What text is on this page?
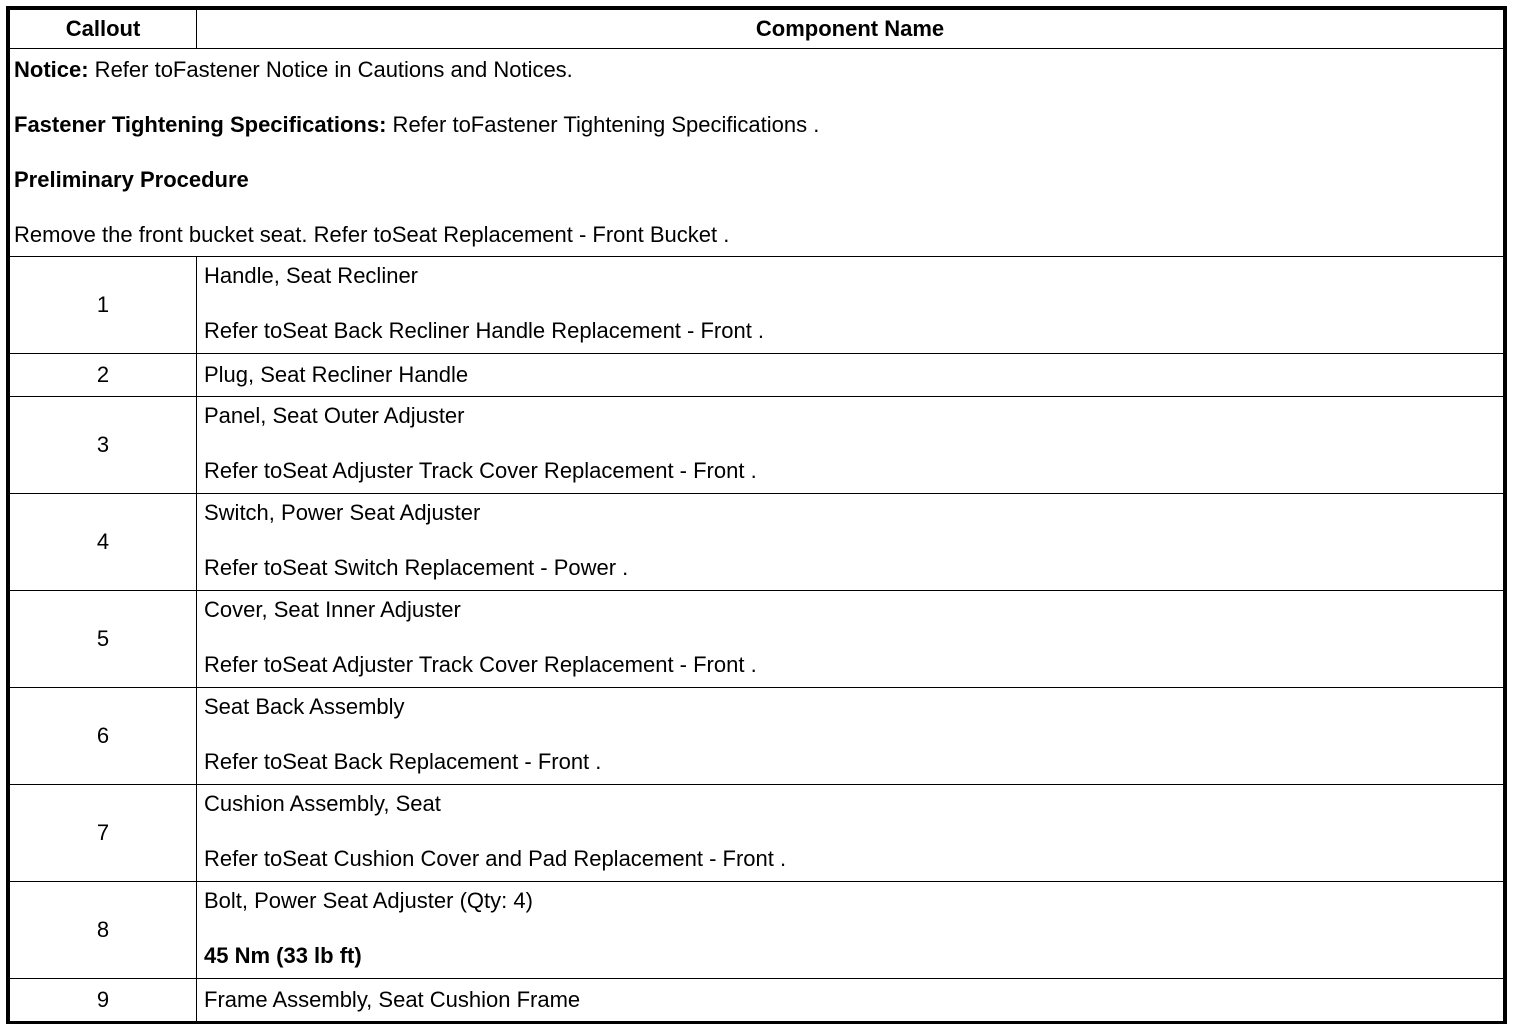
Callout	Component Name

Notice: Refer toFastener Notice in Cautions and Notices.

Fastener Tightening Specifications: Refer toFastener Tightening Specifications .

Preliminary Procedure

Remove the front bucket seat. Refer toSeat Replacement - Front Bucket .	

1	Handle, Seat Recliner

Refer toSeat Back Recliner Handle Replacement - Front .

2	Plug, Seat Recliner Handle

3	Panel, Seat Outer Adjuster

Refer toSeat Adjuster Track Cover Replacement - Front .

4	Switch, Power Seat Adjuster

Refer toSeat Switch Replacement - Power .

5	Cover, Seat Inner Adjuster

Refer toSeat Adjuster Track Cover Replacement - Front .

6	Seat Back Assembly

Refer toSeat Back Replacement - Front .

7	Cushion Assembly, Seat

Refer toSeat Cushion Cover and Pad Replacement - Front .

8	Bolt, Power Seat Adjuster (Qty: 4)

45 Nm (33 lb ft)

9	Frame Assembly, Seat Cushion Frame
